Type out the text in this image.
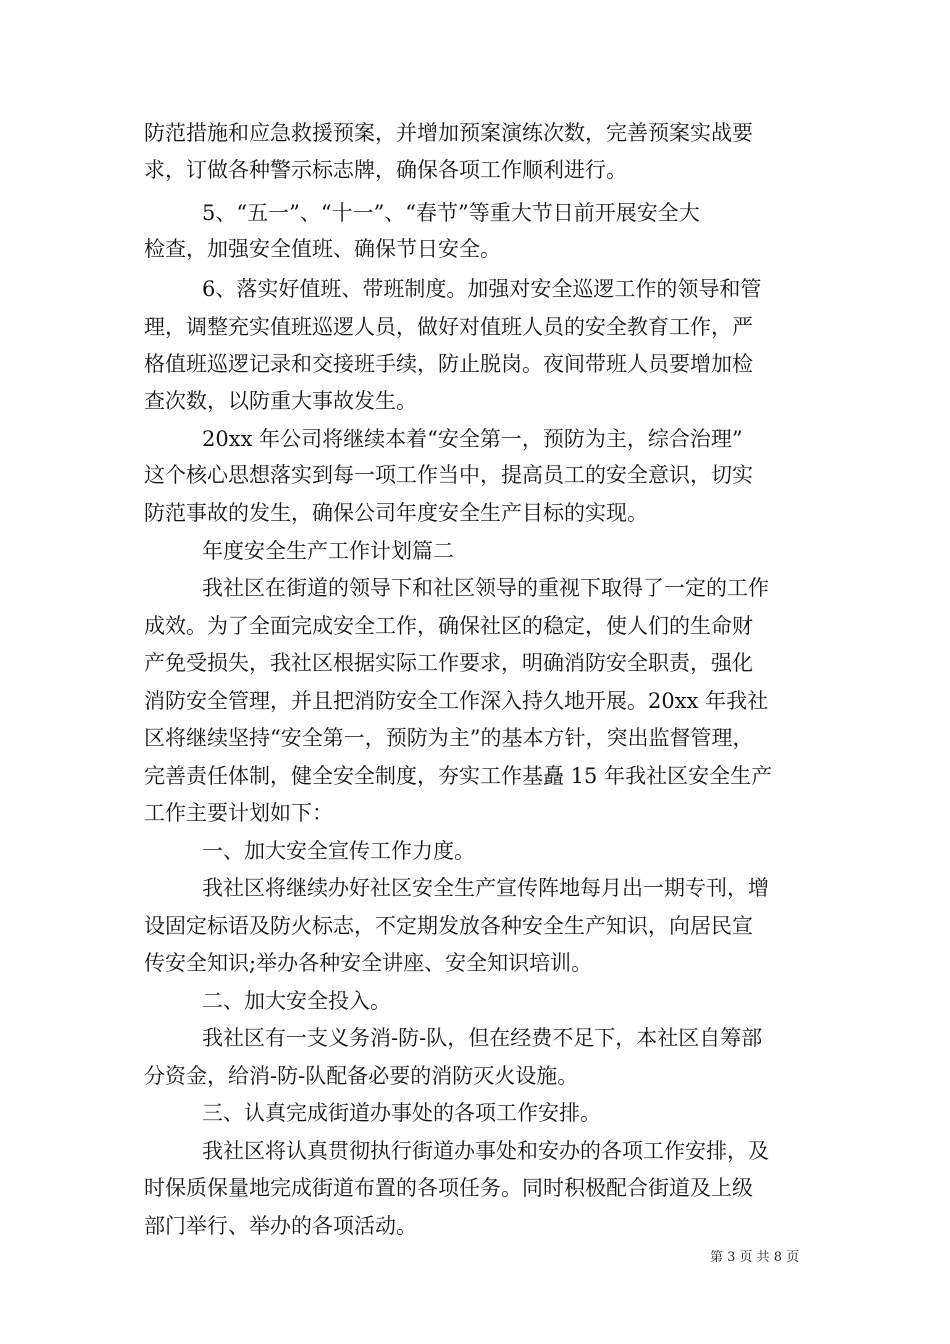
防范措施和应急救援预案，并增加预案演练次数，完善预案实战要
求，订做各种警示标志牌，确保各项工作顺利进行。
5、“五一”、“十一”、“春节”等重大节日前开展安全大
检查，加强安全值班、确保节日安全。
6、落实好值班、带班制度。加强对安全巡逻工作的领导和管
理，调整充实值班巡逻人员，做好对值班人员的安全教育工作，严
格值班巡逻记录和交接班手续，防止脱岗。夜间带班人员要增加检
查次数，以防重大事故发生。
20xx 年公司将继续本着“安全第一，预防为主，综合治理”
这个核心思想落实到每一项工作当中，提高员工的安全意识，切实
防范事故的发生，确保公司年度安全生产目标的实现。
年度安全生产工作计划篇二
我社区在街道的领导下和社区领导的重视下取得了一定的工作
成效。为了全面完成安全工作，确保社区的稳定，使人们的生命财
产免受损失，我社区根据实际工作要求，明确消防安全职责，强化
消防安全管理，并且把消防安全工作深入持久地开展。20xx 年我社
区将继续坚持“安全第一，预防为主”的基本方针，突出监督管理，
完善责任体制，健全安全制度，夯实工作基矗 15 年我社区安全生产
工作主要计划如下：
一、加大安全宣传工作力度。
我社区将继续办好社区安全生产宣传阵地每月出一期专刊，增
设固定标语及防火标志，不定期发放各种安全生产知识，向居民宣
传安全知识;举办各种安全讲座、安全知识培训。
二、加大安全投入。
我社区有一支义务消-防-队，但在经费不足下，本社区自筹部
分资金，给消-防-队配备必要的消防灭火设施。
三、认真完成街道办事处的各项工作安排。
我社区将认真贯彻执行街道办事处和安办的各项工作安排，及
时保质保量地完成街道布置的各项任务。同时积极配合街道及上级
部门举行、举办的各项活动。
第 3 页 共 8 页
